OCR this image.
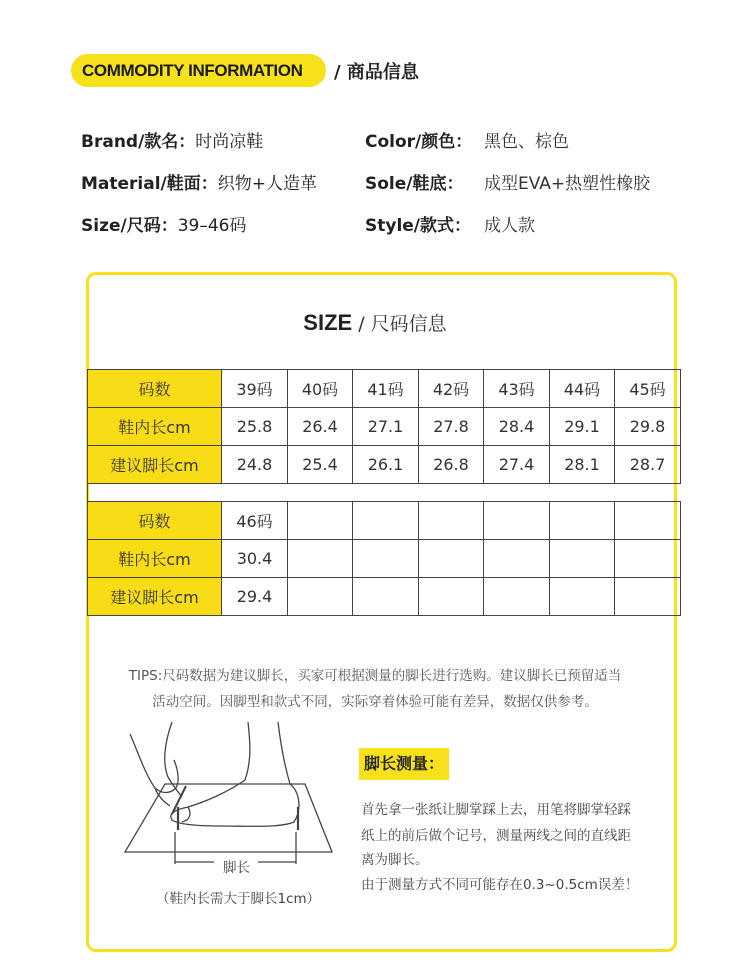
COMMODITY INFORMATION / 商品信息
Brand/款名：时尚凉鞋	Color/颜色： 黑色、棕色
Material/鞋面：织物+人造革	Sole/鞋底： 成型EVA+热塑性橡胶
Size/尺码：39–46码	Style/款式： 成人款
SIZE / 尺码信息
码数	39码	40码	41码	42码	43码	44码	45码
鞋内长cm	25.8	26.4	27.1	27.8	28.4	29.1	29.8
建议脚长cm	24.8	25.4	26.1	26.8	27.4	28.1	28.7
码数	46码						
鞋内长cm	30.4						
建议脚长cm	29.4						
TIPS:尺码数据为建议脚长，买家可根据测量的脚长进行选购。建议脚长已预留适当
活动空间。因脚型和款式不同，实际穿着体验可能有差异，数据仅供参考。
脚长
（鞋内长需大于脚长1cm）
脚长测量：
首先拿一张纸让脚掌踩上去，用笔将脚掌轻踩
纸上的前后做个记号，测量两线之间的直线距
离为脚长。
由于测量方式不同可能存在0.3~0.5cm误差！
